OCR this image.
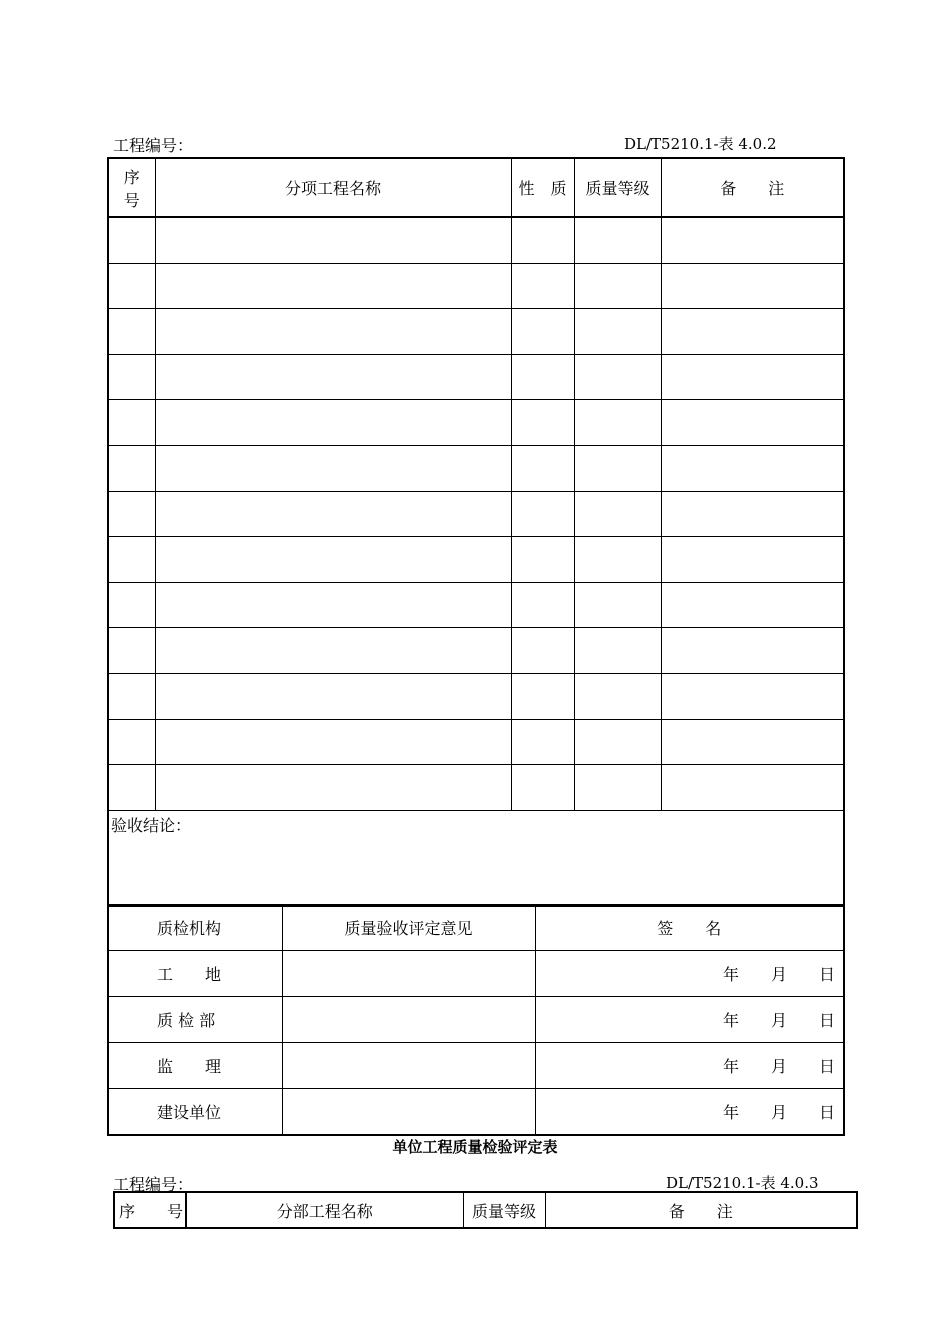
工程编号：	DL/T5210.1-表 4.0.2
序
号	分项工程名称	性　质	质量等级	备　　注

验收结论：				
质检机构	质量验收评定意见	签　　名
工　　地		年　　月　　日
质 检 部		年　　月　　日
监　　理		年　　月　　日
建设单位		年　　月　　日
单位工程质量检验评定表
工程编号：	DL/T5210.1-表 4.0.3
序　　号	分部工程名称	质量等级	备　　注
